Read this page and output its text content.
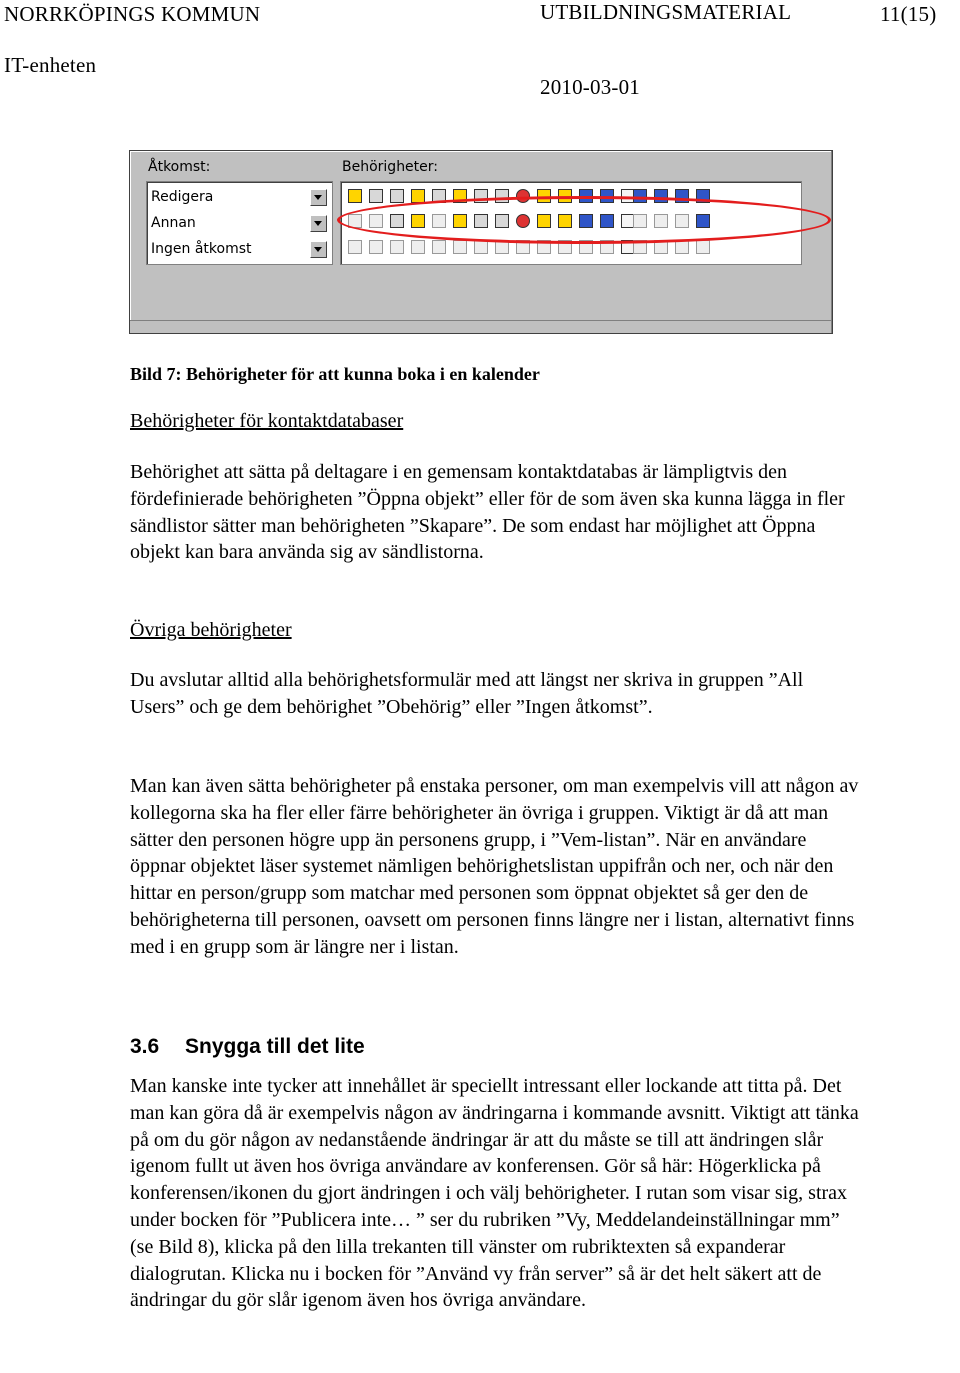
NORRKÖPINGS KOMMUN	UTBILDNINGSMATERIAL	11(15)
IT-enheten
2010-03-01
Åtkomst:	Behörigheter:
Redigera
Annan
Ingen åtkomst
Bild 7: Behörigheter för att kunna boka i en kalender
Behörigheter för kontaktdatabaser

Behörighet att sätta på deltagare i en gemensam kontaktdatabas är lämpligtvis den fördefinierade behörigheten ”Öppna objekt” eller för de som även ska kunna lägga in fler sändlistor sätter man behörigheten ”Skapare”. De som endast har möjlighet att Öppna objekt kan bara använda sig av sändlistorna.

Övriga behörigheter

Du avslutar alltid alla behörighetsformulär med att längst ner skriva in gruppen ”All Users” och ge dem behörighet ”Obehörig” eller ”Ingen åtkomst”.

Man kan även sätta behörigheter på enstaka personer, om man exempelvis vill att någon av kollegorna ska ha fler eller färre behörigheter än övriga i gruppen. Viktigt är då att man sätter den personen högre upp än personens grupp, i ”Vem-listan”. När en användare öppnar objektet läser systemet nämligen behörighetslistan uppifrån och ner, och när den hittar en person/grupp som matchar med personen som öppnat objektet så ger den de behörigheterna till personen, oavsett om personen finns längre ner i listan, alternativt finns med i en grupp som är längre ner i listan.

3.6 Snygga till det lite

Man kanske inte tycker att innehållet är speciellt intressant eller lockande att titta på. Det man kan göra då är exempelvis någon av ändringarna i kommande avsnitt. Viktigt att tänka på om du gör någon av nedanstående ändringar är att du måste se till att ändringen slår igenom fullt ut även hos övriga användare av konferensen. Gör så här: Högerklicka på konferensen/ikonen du gjort ändringen i och välj behörigheter. I rutan som visar sig, strax under bocken för ”Publicera inte… ” ser du rubriken ”Vy, Meddelandeinställningar mm” (se Bild 8), klicka på den lilla trekanten till vänster om rubriktexten så expanderar dialogrutan. Klicka nu i bocken för ”Använd vy från server” så är det helt säkert att de ändringar du gör slår igenom även hos övriga användare.
